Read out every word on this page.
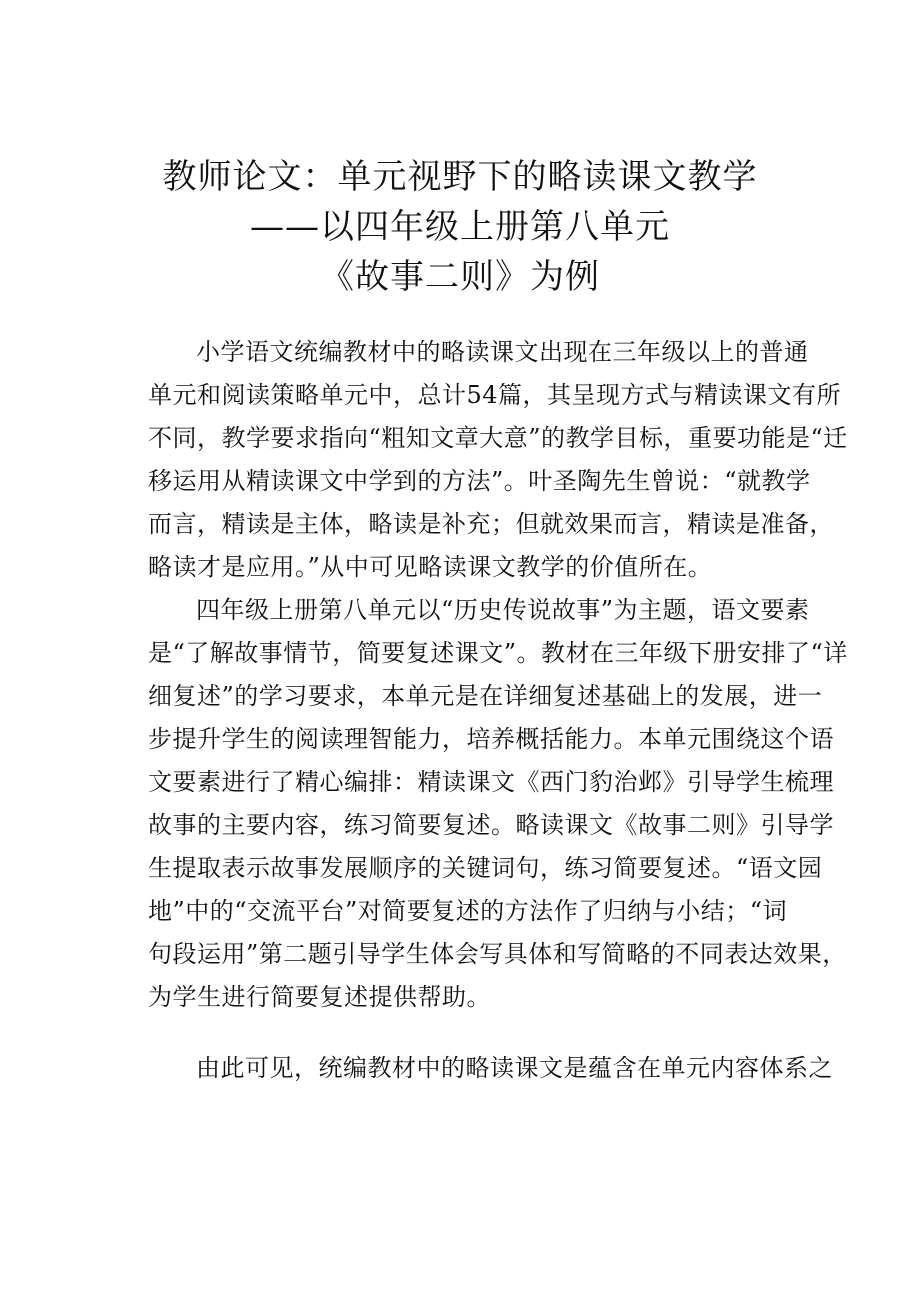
教师论文：单元视野下的略读课文教学
——以四年级上册第八单元
《故事二则》为例
小学语文统编教材中的略读课文出现在三年级以上的普通
单元和阅读策略单元中，总计54篇，其呈现方式与精读课文有所
不同，教学要求指向“粗知文章大意”的教学目标，重要功能是“迁
移运用从精读课文中学到的方法”。叶圣陶先生曾说：“就教学
而言，精读是主体，略读是补充；但就效果而言，精读是准备，
略读才是应用。”从中可见略读课文教学的价值所在。
四年级上册第八单元以“历史传说故事”为主题，语文要素
是“了解故事情节，简要复述课文”。教材在三年级下册安排了“详
细复述”的学习要求，本单元是在详细复述基础上的发展，进一
步提升学生的阅读理智能力，培养概括能力。本单元围绕这个语
文要素进行了精心编排：精读课文《西门豹治邺》引导学生梳理
故事的主要内容，练习简要复述。略读课文《故事二则》引导学
生提取表示故事发展顺序的关键词句，练习简要复述。“语文园
地”中的“交流平台”对简要复述的方法作了归纳与小结；“词
句段运用”第二题引导学生体会写具体和写简略的不同表达效果，
为学生进行简要复述提供帮助。
由此可见，统编教材中的略读课文是蕴含在单元内容体系之
